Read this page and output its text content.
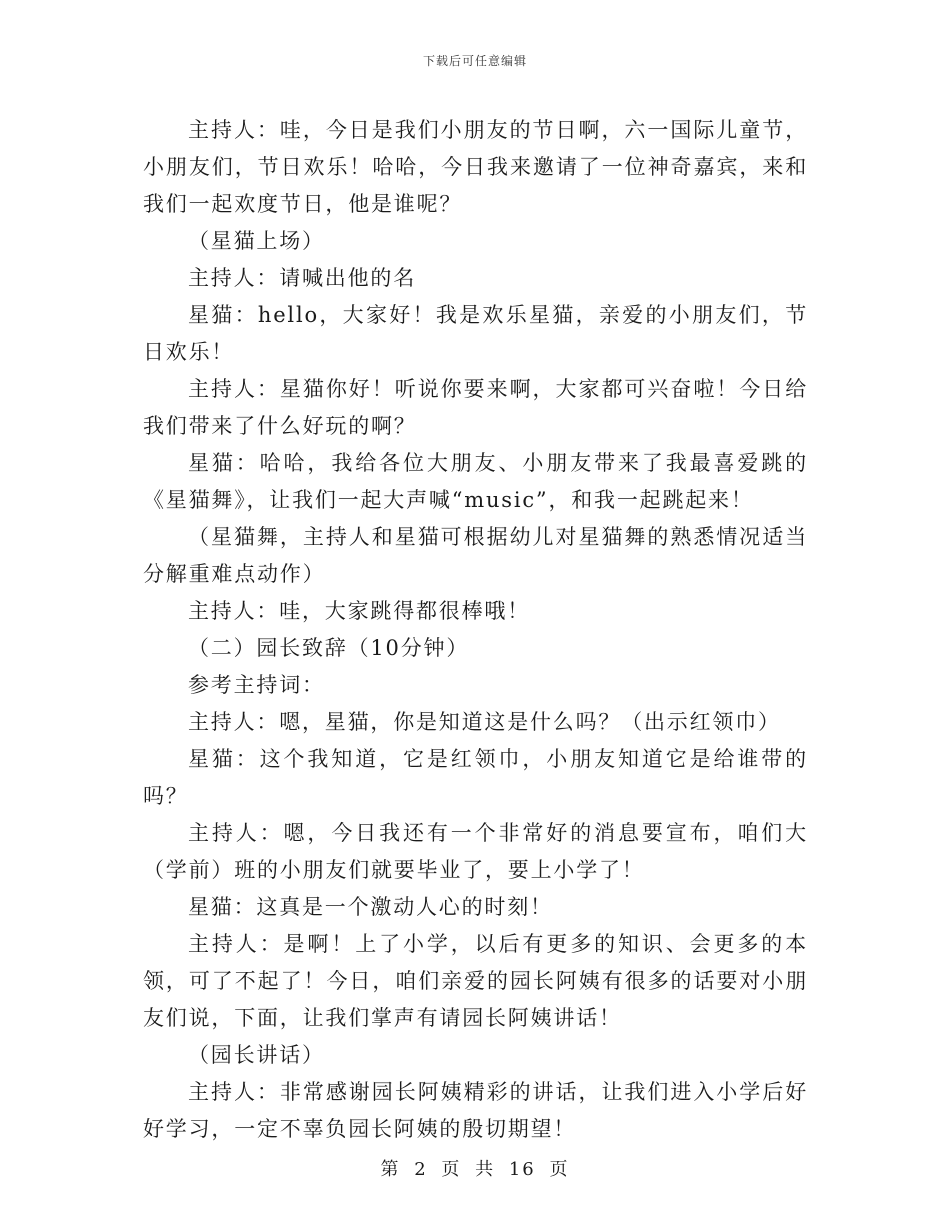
下载后可任意编辑

主持人：哇，今日是我们小朋友的节日啊，六一国际儿童节，小朋友们，节日欢乐！哈哈，今日我来邀请了一位神奇嘉宾，来和我们一起欢度节日，他是谁呢？

（星猫上场）

主持人：请喊出他的名

星猫：hello，大家好！我是欢乐星猫，亲爱的小朋友们，节日欢乐！

主持人：星猫你好！听说你要来啊，大家都可兴奋啦！今日给我们带来了什么好玩的啊？

星猫：哈哈，我给各位大朋友、小朋友带来了我最喜爱跳的《星猫舞》，让我们一起大声喊“music”，和我一起跳起来！

（星猫舞，主持人和星猫可根据幼儿对星猫舞的熟悉情况适当分解重难点动作）

主持人：哇，大家跳得都很棒哦！

（二）园长致辞（10分钟）

参考主持词：

主持人：嗯，星猫，你是知道这是什么吗？（出示红领巾）

星猫：这个我知道，它是红领巾，小朋友知道它是给谁带的吗？

主持人：嗯，今日我还有一个非常好的消息要宣布，咱们大（学前）班的小朋友们就要毕业了，要上小学了！

星猫：这真是一个激动人心的时刻！

主持人：是啊！上了小学，以后有更多的知识、会更多的本领，可了不起了！今日，咱们亲爱的园长阿姨有很多的话要对小朋友们说，下面，让我们掌声有请园长阿姨讲话！

（园长讲话）

主持人：非常感谢园长阿姨精彩的讲话，让我们进入小学后好好学习，一定不辜负园长阿姨的殷切期望！

第 2 页 共 16 页
